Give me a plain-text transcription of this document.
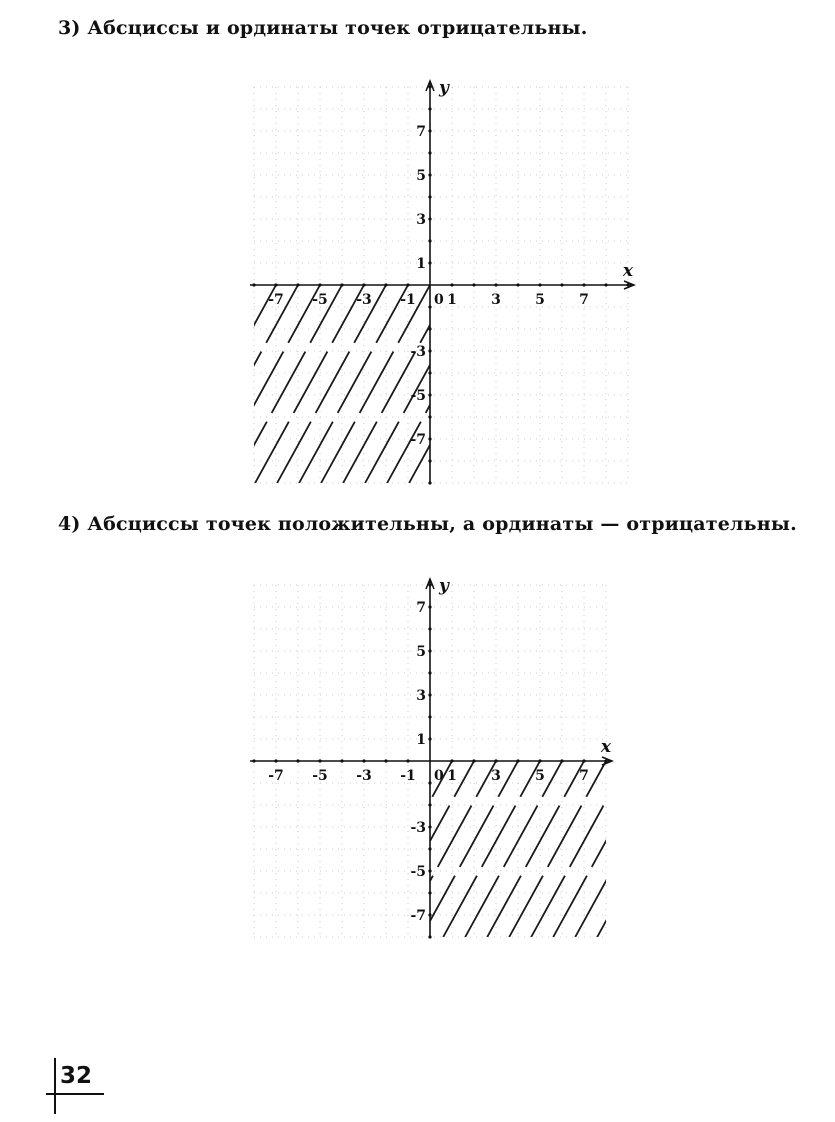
3) Абсциссы и ординаты точек отрицательны.
-7 -5 -3 -1 1 3 5 7
-7
-5
-3
1
3
5
7
0
x
y
4) Абсциссы точек положительны, а ординаты — отрицательны.
-7 -5 -3 -1 1 3 5 7
-7
-5
-3
1
3
5
7
0
x
y
32
